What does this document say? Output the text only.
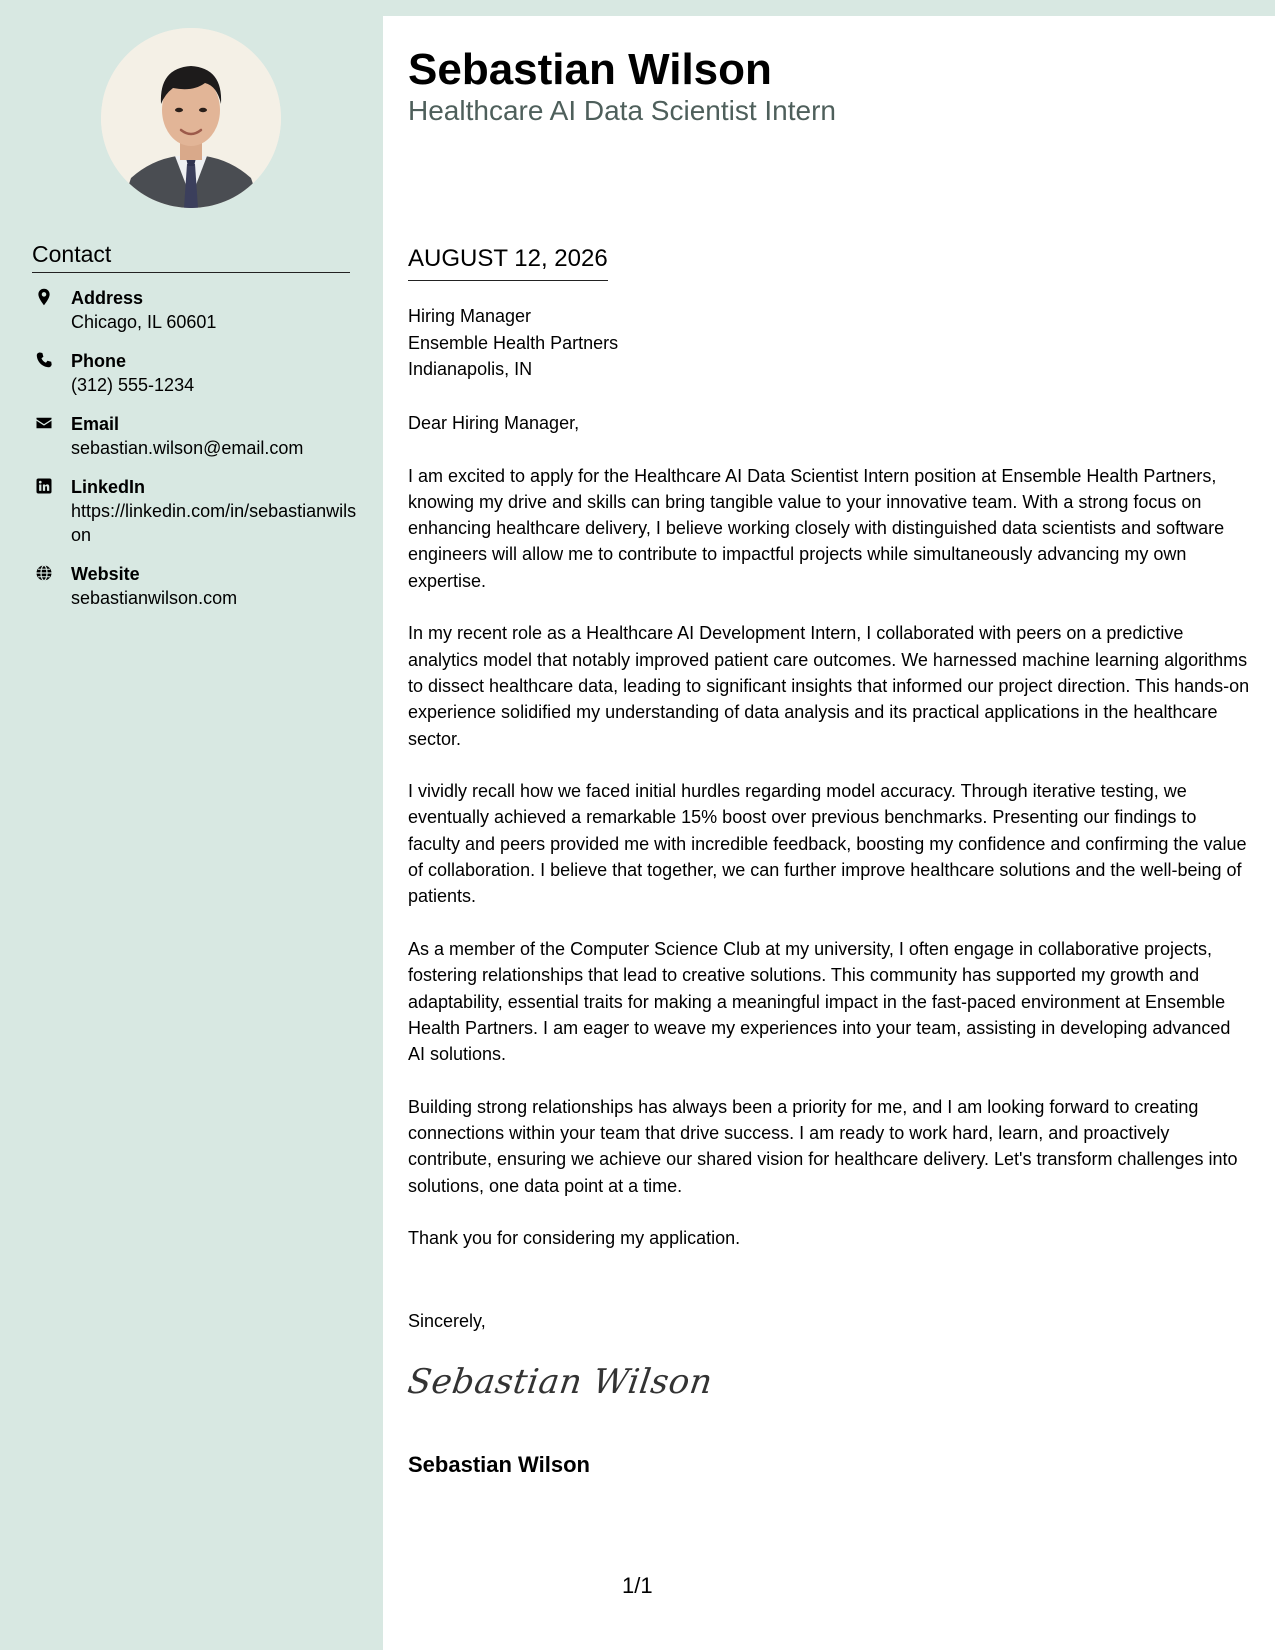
Contact
Address
Chicago, IL 60601
Phone
(312) 555-1234
Email
sebastian.wilson@email.com
LinkedIn
https://linkedin.com/in/sebastianwilson
Website
sebastianwilson.com
Sebastian Wilson
Healthcare AI Data Scientist Intern
AUGUST 12, 2026
Hiring Manager
Ensemble Health Partners
Indianapolis, IN

Dear Hiring Manager,

I am excited to apply for the Healthcare AI Data Scientist Intern position at Ensemble Health Partners, knowing my drive and skills can bring tangible value to your innovative team. With a strong focus on enhancing healthcare delivery, I believe working closely with distinguished data scientists and software engineers will allow me to contribute to impactful projects while simultaneously advancing my own expertise.

In my recent role as a Healthcare AI Development Intern, I collaborated with peers on a predictive analytics model that notably improved patient care outcomes. We harnessed machine learning algorithms to dissect healthcare data, leading to significant insights that informed our project direction. This hands-on experience solidified my understanding of data analysis and its practical applications in the healthcare sector.

I vividly recall how we faced initial hurdles regarding model accuracy. Through iterative testing, we eventually achieved a remarkable 15% boost over previous benchmarks. Presenting our findings to faculty and peers provided me with incredible feedback, boosting my confidence and confirming the value of collaboration. I believe that together, we can further improve healthcare solutions and the well-being of patients.

As a member of the Computer Science Club at my university, I often engage in collaborative projects, fostering relationships that lead to creative solutions. This community has supported my growth and adaptability, essential traits for making a meaningful impact in the fast-paced environment at Ensemble Health Partners. I am eager to weave my experiences into your team, assisting in developing advanced AI solutions.

Building strong relationships has always been a priority for me, and I am looking forward to creating connections within your team that drive success. I am ready to work hard, learn, and proactively contribute, ensuring we achieve our shared vision for healthcare delivery. Let's transform challenges into solutions, one data point at a time.

Thank you for considering my application.

Sincerely,
Sebastian Wilson
Sebastian Wilson
1/1
